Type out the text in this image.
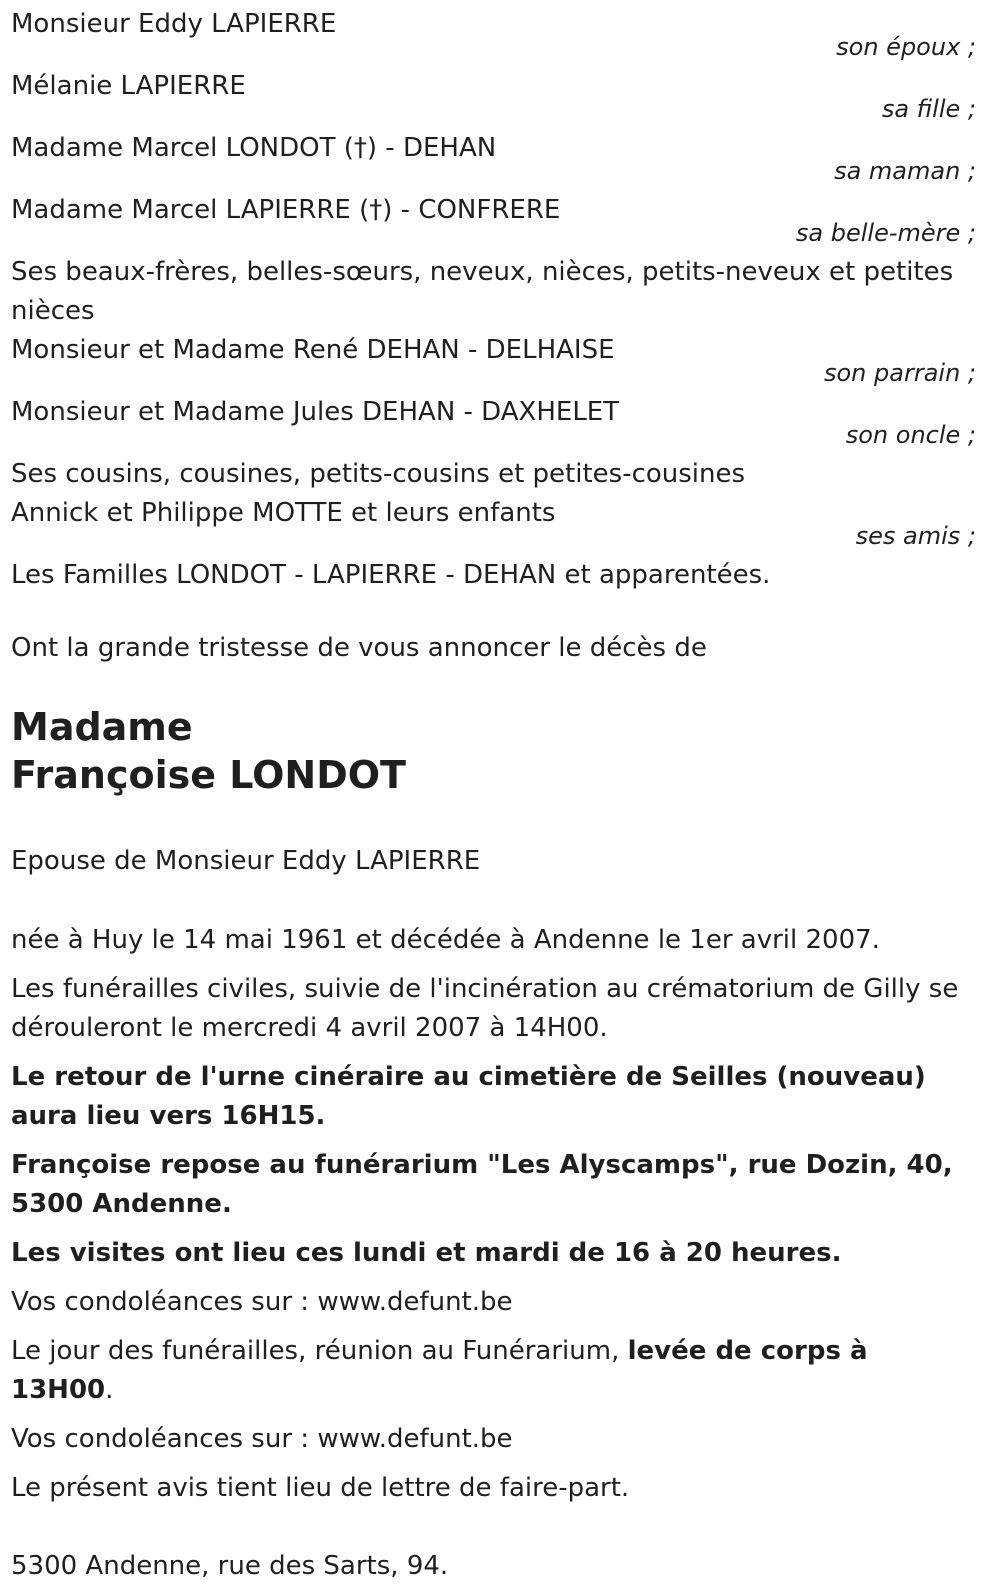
Monsieur Eddy LAPIERRE
son époux ;
Mélanie LAPIERRE
sa fille ;
Madame Marcel LONDOT (†) - DEHAN
sa maman ;
Madame Marcel LAPIERRE (†) - CONFRERE
sa belle-mère ;
Ses beaux-frères, belles-sœurs, neveux, nièces, petits-neveux et petites nièces
Monsieur et Madame René DEHAN - DELHAISE
son parrain ;
Monsieur et Madame Jules DEHAN - DAXHELET
son oncle ;
Ses cousins, cousines, petits-cousins et petites-cousines
Annick et Philippe MOTTE et leurs enfants
ses amis ;
Les Familles LONDOT - LAPIERRE - DEHAN et apparentées.
Ont la grande tristesse de vous annoncer le décès de
Madame
Françoise LONDOT
Epouse de Monsieur Eddy LAPIERRE
née à Huy le 14 mai 1961 et décédée à Andenne le 1er avril 2007.
Les funérailles civiles, suivie de l'incinération au crématorium de Gilly se dérouleront le mercredi 4 avril 2007 à 14H00.
Le retour de l'urne cinéraire au cimetière de Seilles (nouveau) aura lieu vers 16H15.
Françoise repose au funérarium "Les Alyscamps", rue Dozin, 40, 5300 Andenne.
Les visites ont lieu ces lundi et mardi de 16 à 20 heures.
Vos condoléances sur : www.defunt.be
Le jour des funérailles, réunion au Funérarium, levée de corps à 13H00.
Vos condoléances sur : www.defunt.be
Le présent avis tient lieu de lettre de faire-part.
5300 Andenne, rue des Sarts, 94.
